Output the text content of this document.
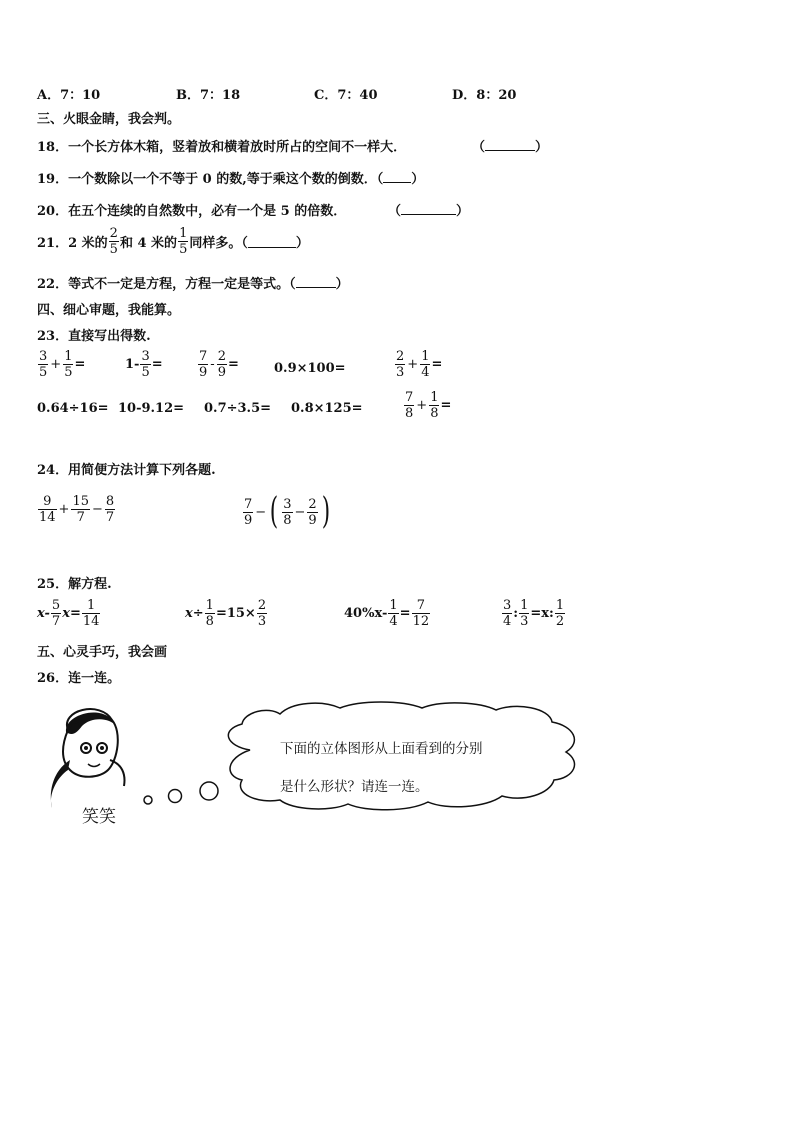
A．7：10	B．7：18	C．7：40	D．8：20
三、火眼金睛，我会判。
18．一个长方体木箱，竖着放和横着放时所占的空间不一样大．	（	）
19．一个数除以一个不等于 0 的数,等于乘这个数的倒数．（ ）
20．在五个连续的自然数中，必有一个是 5 的倍数．	（	）
21．2 米的 $\frac{2}{5}$ 和 4 米的 $\frac{1}{5}$ 同样多。（	）
22．等式不一定是方程，方程一定是等式。（	）
四、细心审题，我能算。
23．直接写出得数.
$\frac{3}{5} + \frac{1}{5}$ =	$1- \frac{3}{5}$ =	$\frac{7}{9} - \frac{2}{9}$ =	0.9×100=	$\frac{2}{3} + \frac{1}{4}$ =
0.64÷16= 10-9.12= 0.7÷3.5= 0.8×125=	$\frac{7}{8} + \frac{1}{8}$ =
24．用简便方法计算下列各题.
$\frac{9}{14} + \frac{15}{7} - \frac{8}{7}$	$\frac{7}{9}$ − ( $\frac{3}{8} - \frac{2}{9}$ )
25．解方程.
$x- \frac{5}{7} x= \frac{1}{14}$	$x\div \frac{1}{8} =15\times \frac{2}{3}$	$40\%x- \frac{1}{4} = \frac{7}{12}$	$\frac{3}{4}$ : $\frac{1}{3} =x$: $\frac{1}{2}$
五、心灵手巧，我会画
26．连一连。
笑笑
下面的立体图形从上面看到的分别
是什么形状？请连一连。
